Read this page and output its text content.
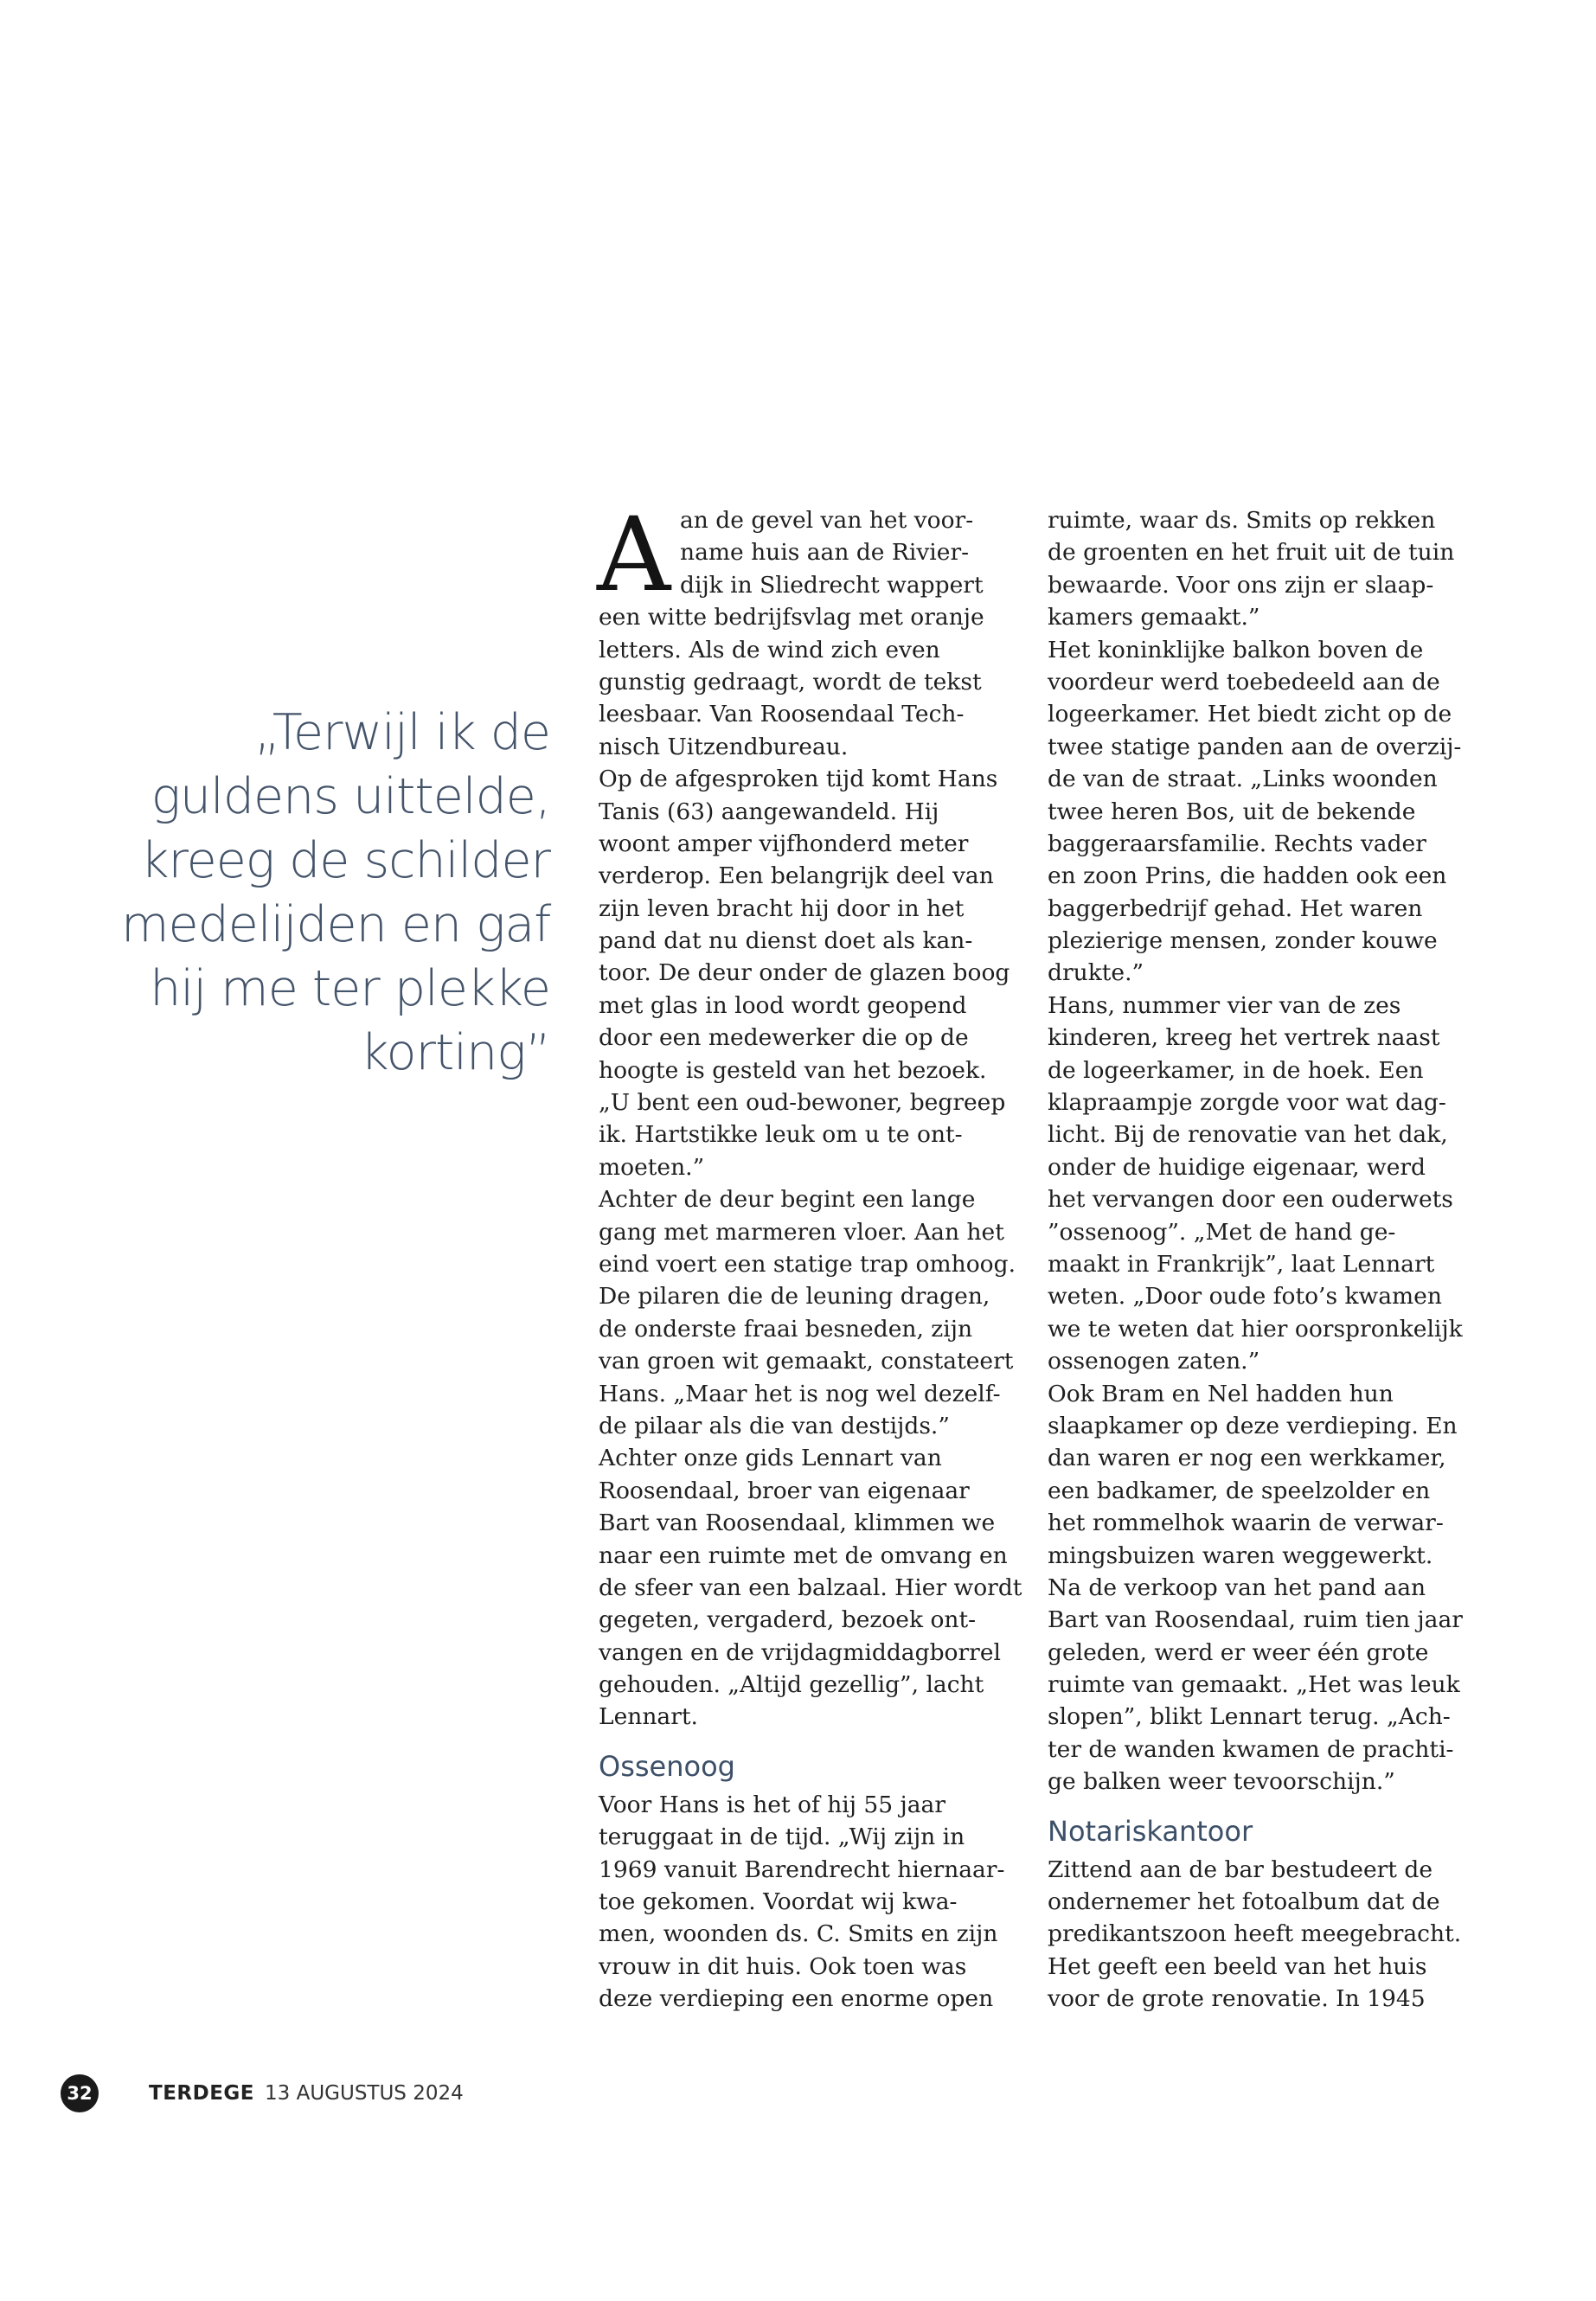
„Terwijl ik de
guldens uittelde,
kreeg de schilder
medelijden en gaf
hij me ter plekke
korting”
A an de gevel van het voor-
name huis aan de Rivier-
dijk in Sliedrecht wappert
een witte bedrijfsvlag met oranje
letters. Als de wind zich even
gunstig gedraagt, wordt de tekst
leesbaar. Van Roosendaal Tech-
nisch Uitzendbureau.
Op de afgesproken tijd komt Hans
Tanis (63) aangewandeld. Hij
woont amper vijfhonderd meter
verderop. Een belangrijk deel van
zijn leven bracht hij door in het
pand dat nu dienst doet als kan-
toor. De deur onder de glazen boog
met glas in lood wordt geopend
door een medewerker die op de
hoogte is gesteld van het bezoek.
„U bent een oud-bewoner, begreep
ik. Hartstikke leuk om u te ont-
moeten.”
Achter de deur begint een lange
gang met marmeren vloer. Aan het
eind voert een statige trap omhoog.
De pilaren die de leuning dragen,
de onderste fraai besneden, zijn
van groen wit gemaakt, constateert
Hans. „Maar het is nog wel dezelf-
de pilaar als die van destijds.”
Achter onze gids Lennart van
Roosendaal, broer van eigenaar
Bart van Roosendaal, klimmen we
naar een ruimte met de omvang en
de sfeer van een balzaal. Hier wordt
gegeten, vergaderd, bezoek ont-
vangen en de vrijdagmiddagborrel
gehouden. „Altijd gezellig”, lacht
Lennart.
Ossenoog
Voor Hans is het of hij 55 jaar
teruggaat in de tijd. „Wij zijn in
1969 vanuit Barendrecht hiernaar-
toe gekomen. Voordat wij kwa-
men, woonden ds. C. Smits en zijn
vrouw in dit huis. Ook toen was
deze verdieping een enorme open
ruimte, waar ds. Smits op rekken
de groenten en het fruit uit de tuin
bewaarde. Voor ons zijn er slaap-
kamers gemaakt.”
Het koninklijke balkon boven de
voordeur werd toebedeeld aan de
logeerkamer. Het biedt zicht op de
twee statige panden aan de overzij-
de van de straat. „Links woonden
twee heren Bos, uit de bekende
baggeraarsfamilie. Rechts vader
en zoon Prins, die hadden ook een
baggerbedrijf gehad. Het waren
plezierige mensen, zonder kouwe
drukte.”
Hans, nummer vier van de zes
kinderen, kreeg het vertrek naast
de logeerkamer, in de hoek. Een
klapraampje zorgde voor wat dag-
licht. Bij de renovatie van het dak,
onder de huidige eigenaar, werd
het vervangen door een ouderwets
”ossenoog”. „Met de hand ge-
maakt in Frankrijk”, laat Lennart
weten. „Door oude foto’s kwamen
we te weten dat hier oorspronkelijk
ossenogen zaten.”
Ook Bram en Nel hadden hun
slaapkamer op deze verdieping. En
dan waren er nog een werkkamer,
een badkamer, de speelzolder en
het rommelhok waarin de verwar-
mingsbuizen waren weggewerkt.
Na de verkoop van het pand aan
Bart van Roosendaal, ruim tien jaar
geleden, werd er weer één grote
ruimte van gemaakt. „Het was leuk
slopen”, blikt Lennart terug. „Ach-
ter de wanden kwamen de prachti-
ge balken weer tevoorschijn.”
Notariskantoor
Zittend aan de bar bestudeert de
ondernemer het fotoalbum dat de
predikantszoon heeft meegebracht.
Het geeft een beeld van het huis
voor de grote renovatie. In 1945
32	TERDEGE 13 AUGUSTUS 2024
